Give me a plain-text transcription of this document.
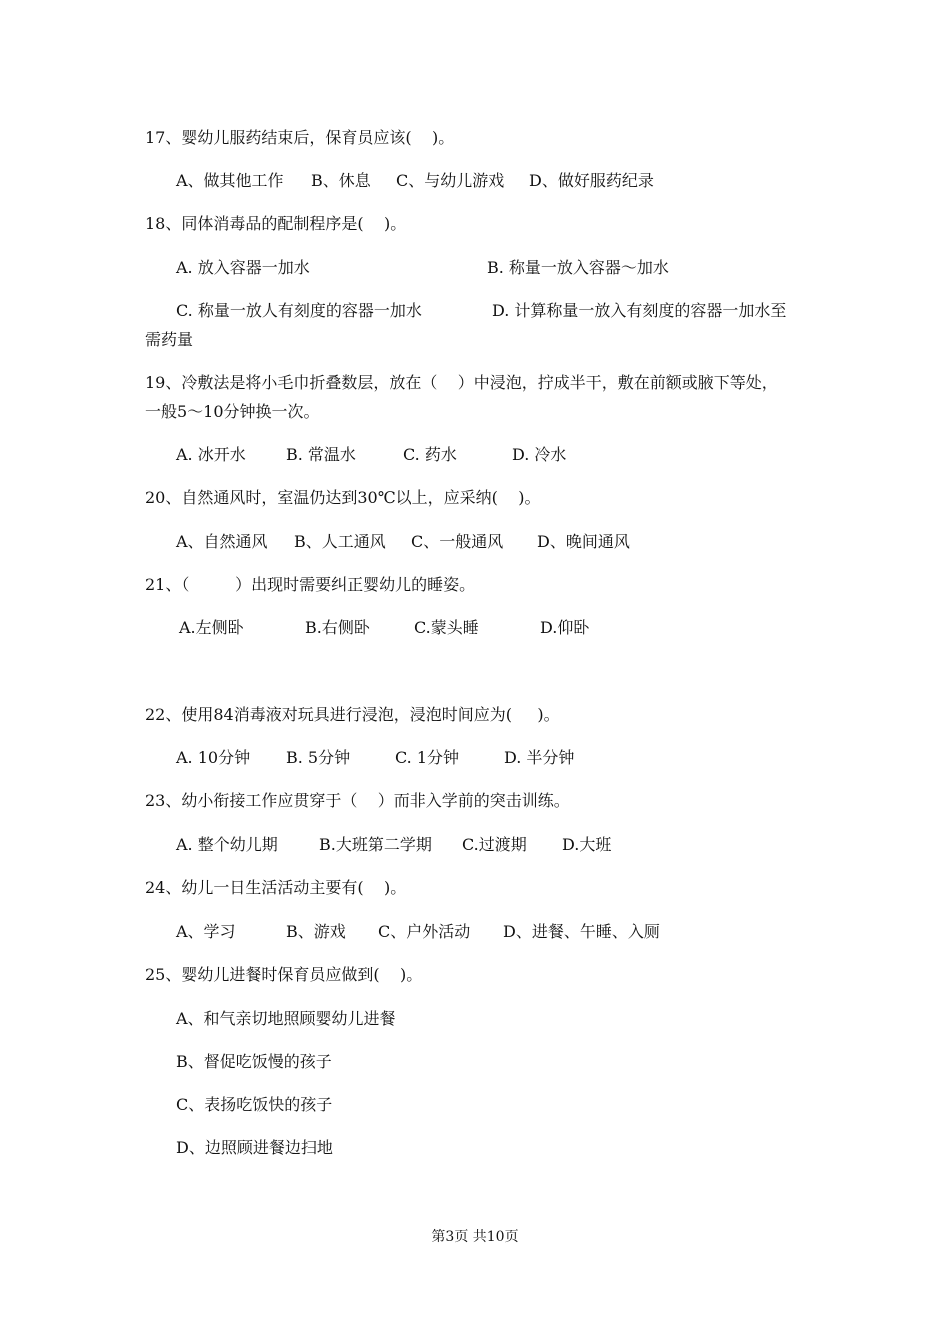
17、婴幼儿服药结束后，保育员应该(    )。
A、做其他工作 B、休息 C、与幼儿游戏 D、做好服药纪录
18、同体消毒品的配制程序是(    )。
A. 放入容器一加水	B. 称量一放入容器～加水
C. 称量一放人有刻度的容器一加水	D. 计算称量一放入有刻度的容器一加水至
需药量
19、冷敷法是将小毛巾折叠数层，放在（    ）中浸泡，拧成半干，敷在前额或腋下等处，
一般5～10分钟换一次。
A. 冰开水	B. 常温水	C. 药水	D. 冷水
20、自然通风时，室温仍达到30℃以上，应采纳(    )。
A、自然通风 B、人工通风 C、一般通风 D、晚间通风
21、（         ）出现时需要纠正婴幼儿的睡姿。
A.左侧卧	B.右侧卧	C.蒙头睡	D.仰卧
22、使用84消毒液对玩具进行浸泡，浸泡时间应为(     )。
A. 10分钟 B. 5分钟	C. 1分钟	D. 半分钟
23、幼小衔接工作应贯穿于（    ）而非入学前的突击训练。
A. 整个幼儿期	B.大班第二学期 C.过渡期 D.大班
24、幼儿一日生活活动主要有(    )。
A、学习	B、游戏 C、户外活动 D、进餐、午睡、入厕
25、婴幼儿进餐时保育员应做到(    )。
A、和气亲切地照顾婴幼儿进餐
B、督促吃饭慢的孩子
C、表扬吃饭快的孩子
D、边照顾进餐边扫地
第3页 共10页
